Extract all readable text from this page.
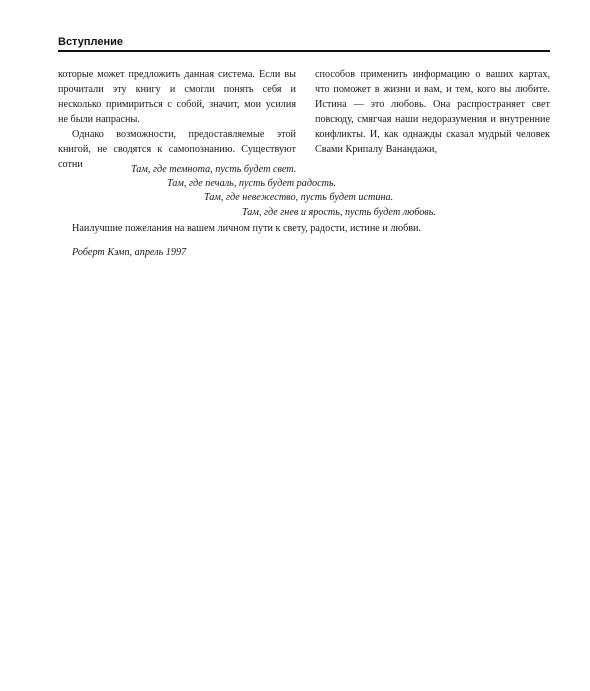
Вступление

которые может предложить данная система. Если вы прочитали эту книгу и смогли понять себя и несколько примириться с собой, значит, мои усилия не были напрасны.

Однако возможности, предоставляемые этой книгой, не сводятся к самопознанию. Существуют сотни

способов применить информацию о ваших картах, что поможет в жизни и вам, и тем, кого вы любите. Истина — это любовь. Она распространяет свет повсюду, смягчая наши недоразумения и внутренние конфликты. И, как однажды сказал мудрый человек Свами Крипалу Ванандажи,

Там, где темнота, пусть будет свет.
Там, где печаль, пусть будет радость.
Там, где невежество, пусть будет истина.
Там, где гнев и ярость, пусть будет любовь.
Наилучшие пожелания на вашем личном пути к свету, радости, истине и любви.
Роберт Кэмп, апрель 1997
